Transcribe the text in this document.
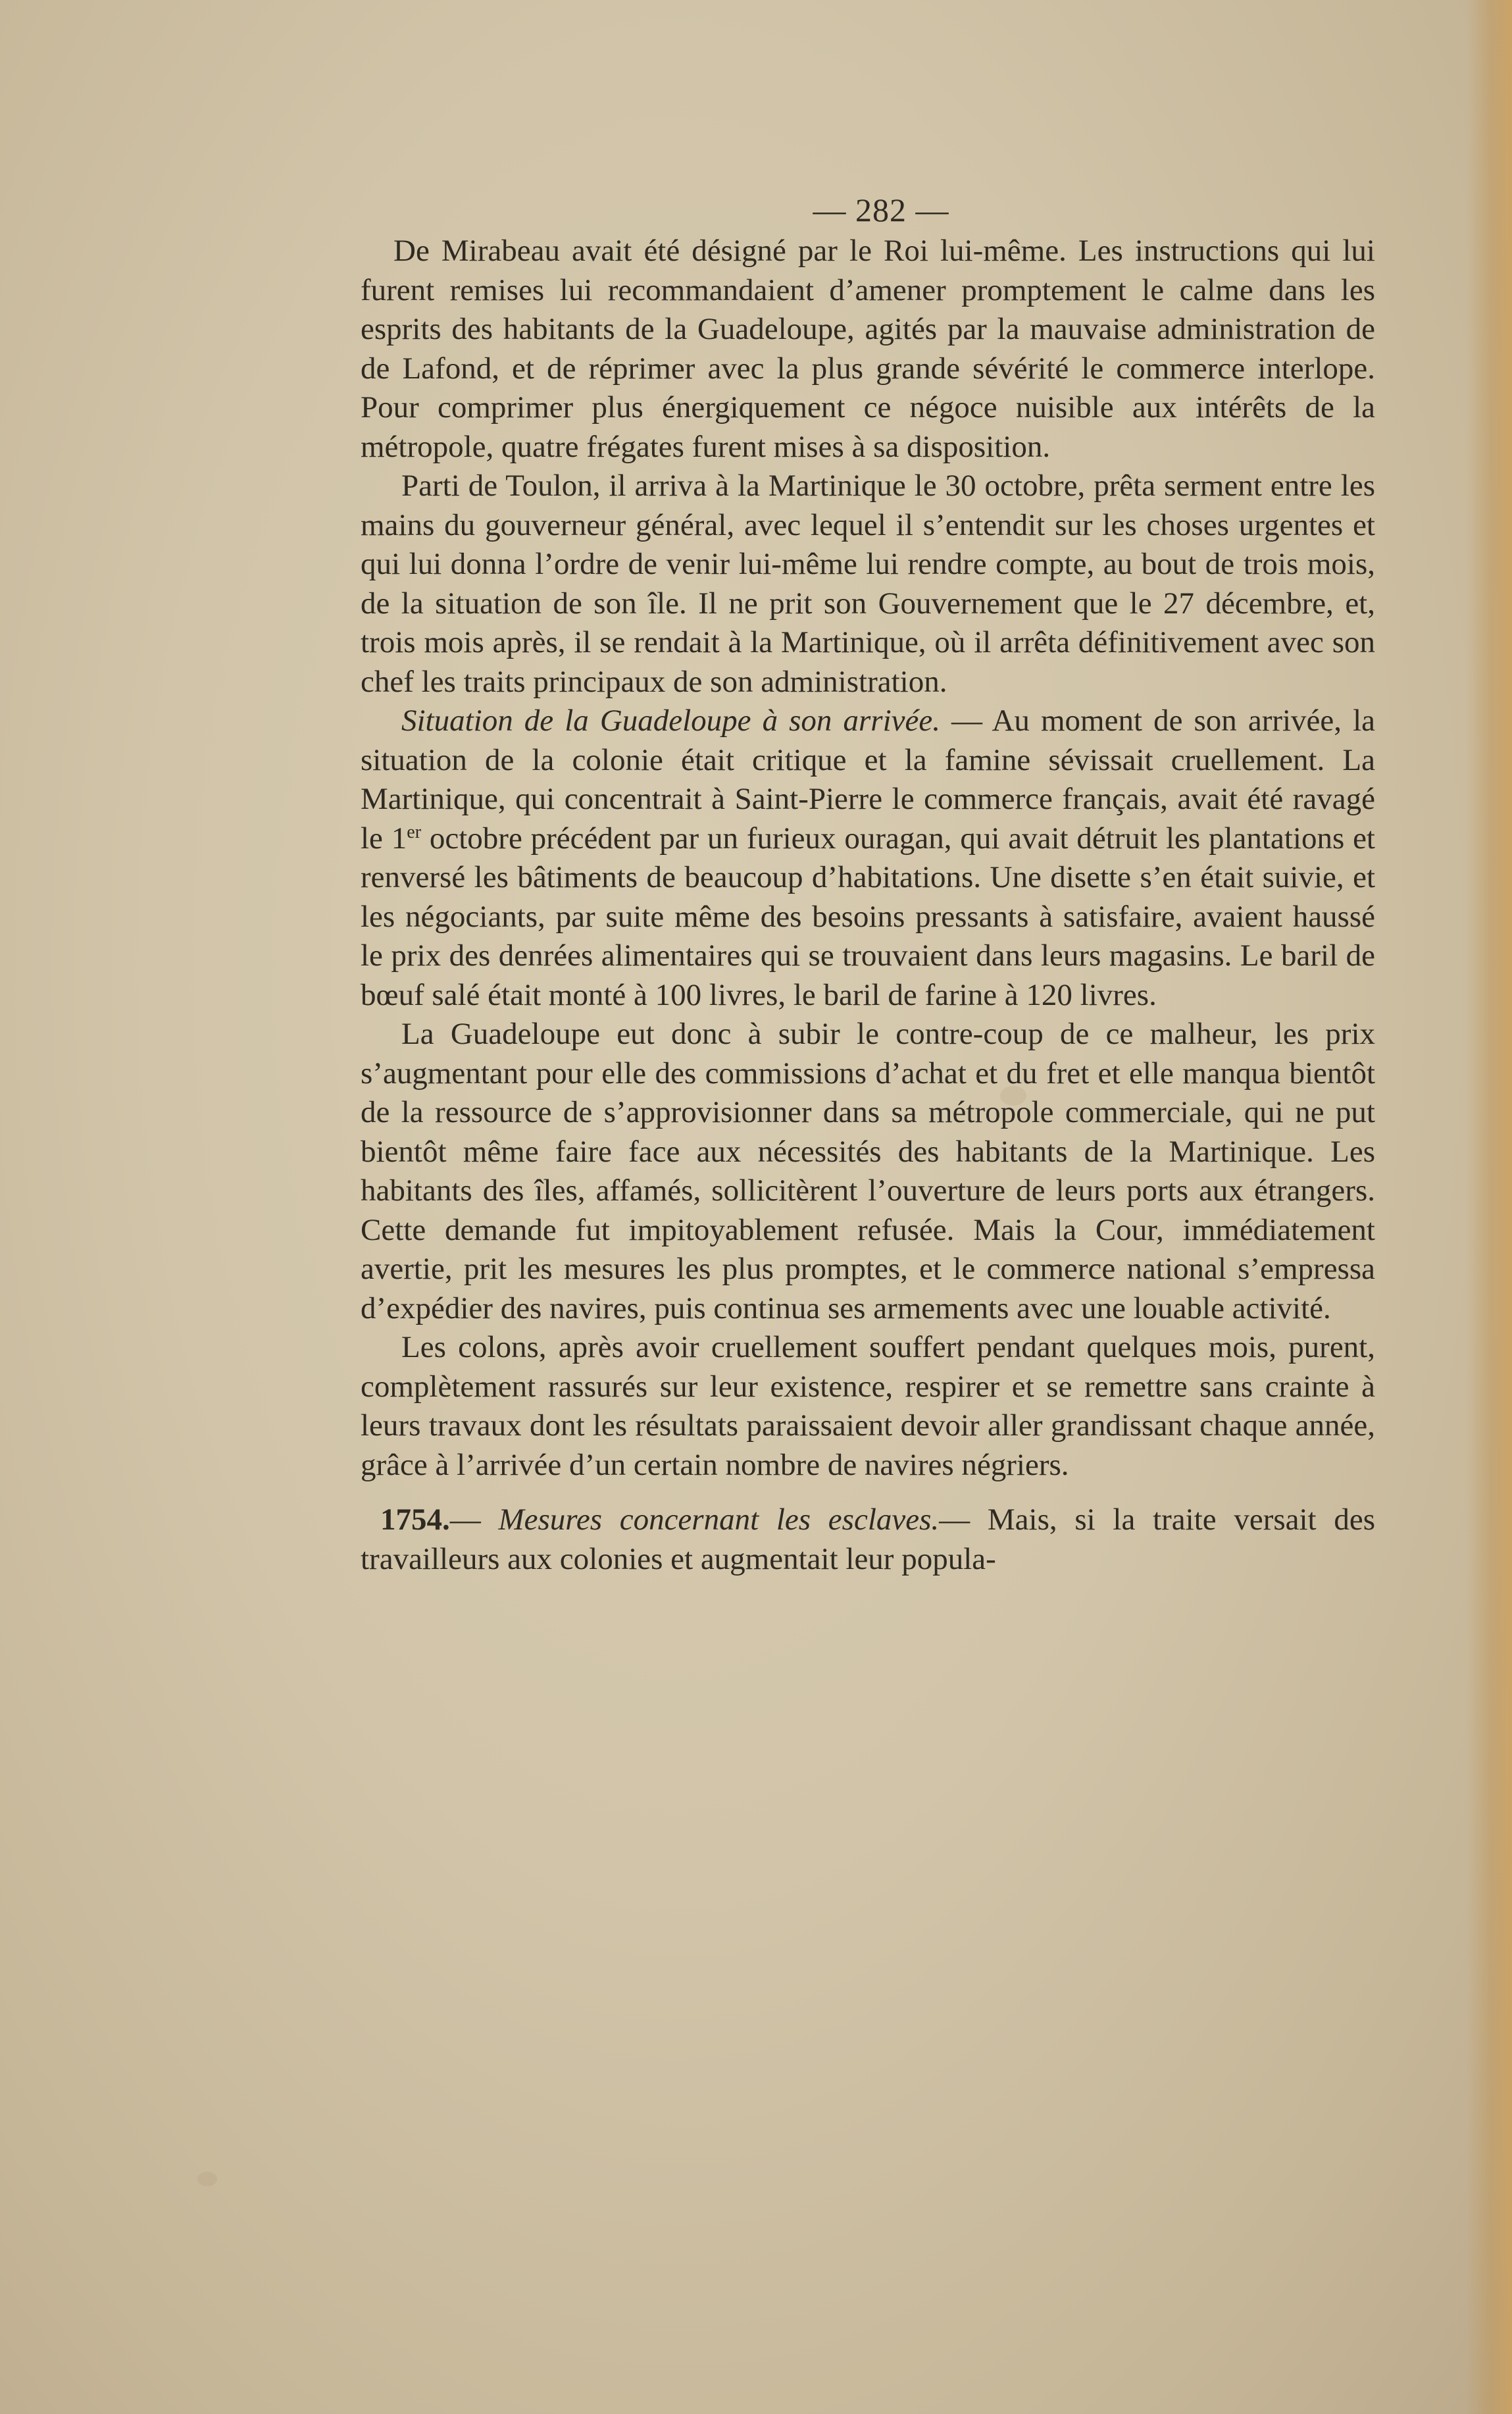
— 282 —

De Mirabeau avait été désigné par le Roi lui-même. Les instructions qui lui furent remises lui recommandaient d’amener promptement le calme dans les esprits des habitants de la Guadeloupe, agités par la mauvaise administration de de Lafond, et de réprimer avec la plus grande sévérité le commerce interlope. Pour comprimer plus énergiquement ce négoce nuisible aux intérêts de la métropole, quatre frégates furent mises à sa disposition.

Parti de Toulon, il arriva à la Martinique le 30 octobre, prêta serment entre les mains du gouverneur général, avec lequel il s’entendit sur les choses urgentes et qui lui donna l’ordre de venir lui-même lui rendre compte, au bout de trois mois, de la situation de son île. Il ne prit son Gouvernement que le 27 décembre, et, trois mois après, il se rendait à la Martinique, où il arrêta définitivement avec son chef les traits principaux de son administration.

Situation de la Guadeloupe à son arrivée. — Au moment de son arrivée, la situation de la colonie était critique et la famine sévissait cruellement. La Martinique, qui concentrait à Saint-Pierre le commerce français, avait été ravagé le 1er octobre précédent par un furieux ouragan, qui avait détruit les plantations et renversé les bâtiments de beaucoup d’habitations. Une disette s’en était suivie, et les négociants, par suite même des besoins pressants à satisfaire, avaient haussé le prix des denrées alimentaires qui se trouvaient dans leurs magasins. Le baril de bœuf salé était monté à 100 livres, le baril de farine à 120 livres.

La Guadeloupe eut donc à subir le contre-coup de ce malheur, les prix s’augmentant pour elle des commissions d’achat et du fret et elle manqua bientôt de la ressource de s’approvisionner dans sa métropole commerciale, qui ne put bientôt même faire face aux nécessités des habitants de la Martinique. Les habitants des îles, affamés, sollicitèrent l’ouverture de leurs ports aux étrangers. Cette demande fut impitoyablement refusée. Mais la Cour, immédiatement avertie, prit les mesures les plus promptes, et le commerce national s’empressa d’expédier des navires, puis continua ses armements avec une louable activité.

Les colons, après avoir cruellement souffert pendant quelques mois, purent, complètement rassurés sur leur existence, respirer et se remettre sans crainte à leurs travaux dont les résultats paraissaient devoir aller grandissant chaque année, grâce à l’arrivée d’un certain nombre de navires négriers.

1754.— Mesures concernant les esclaves.— Mais, si la traite versait des travailleurs aux colonies et augmentait leur popula-
